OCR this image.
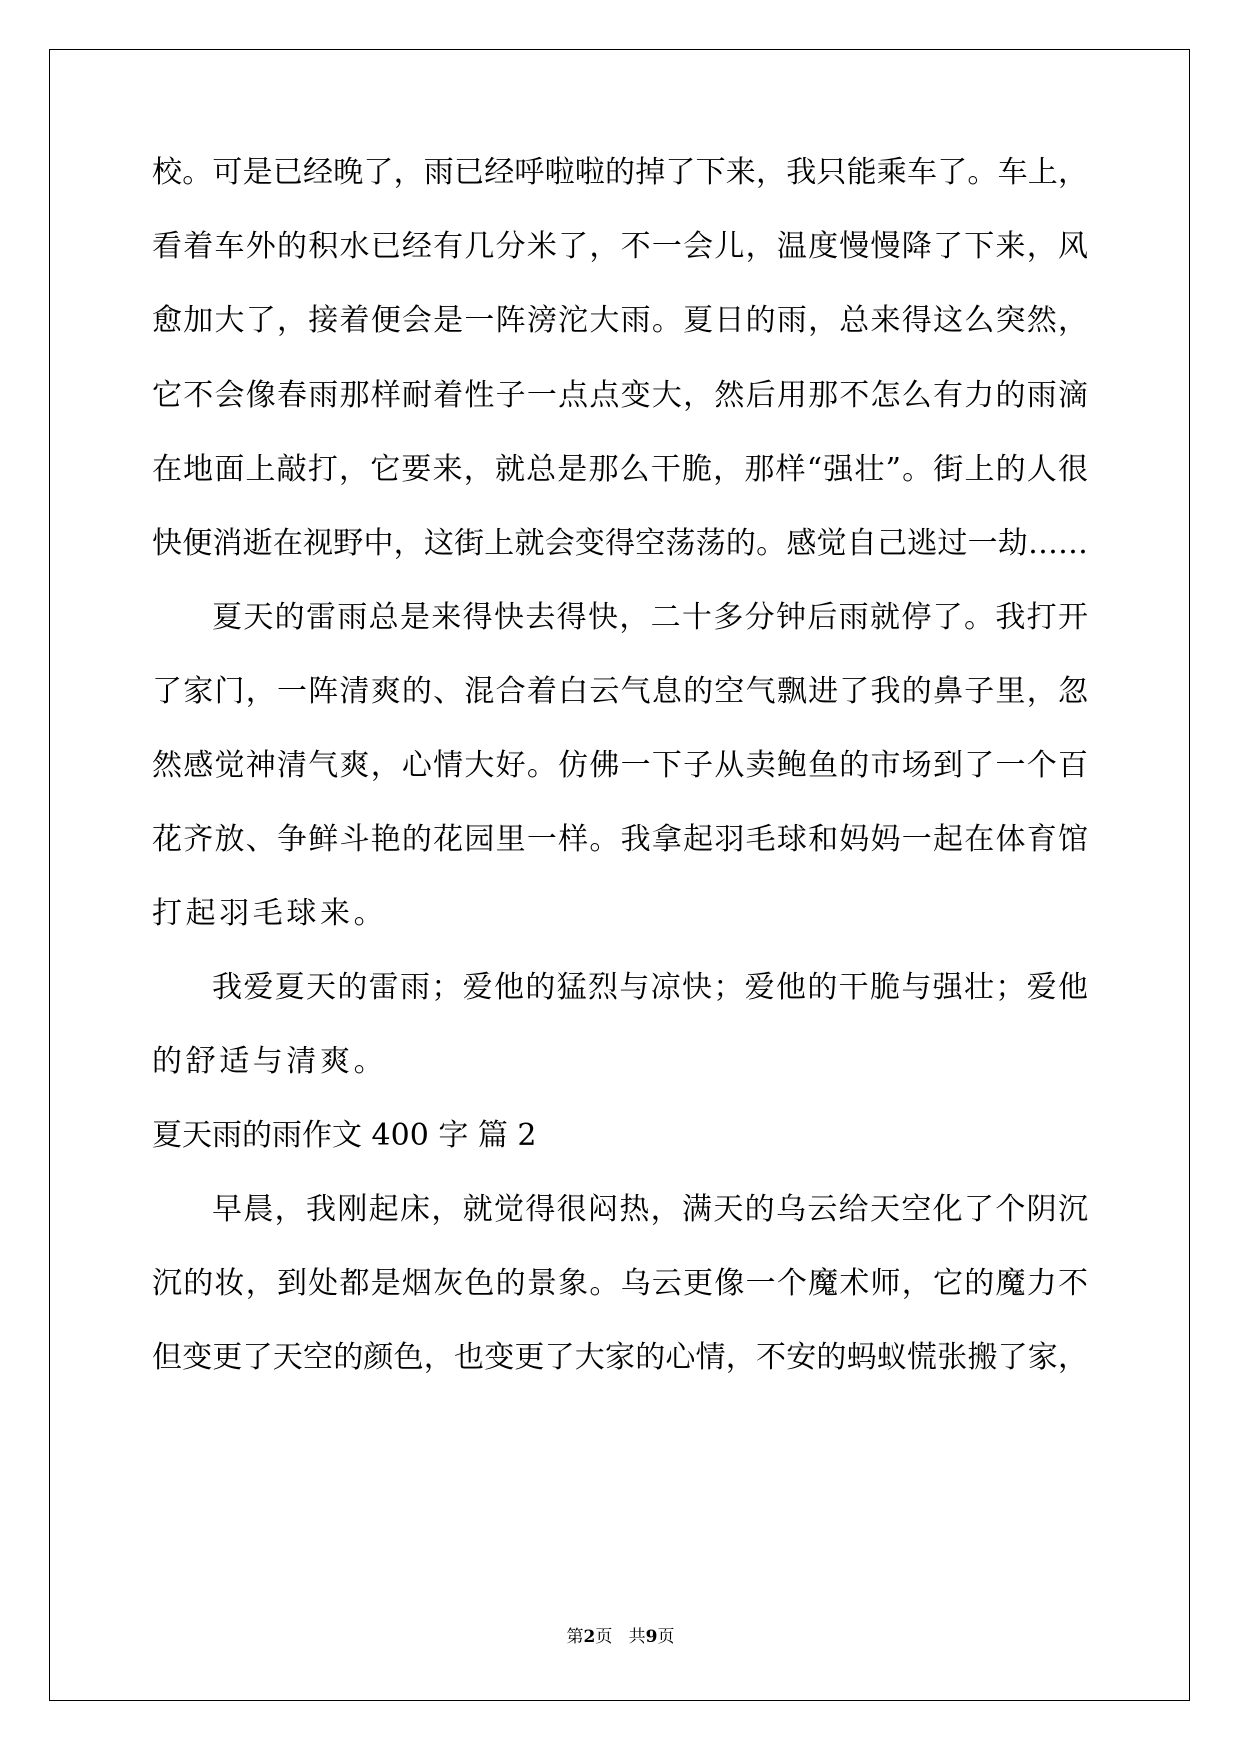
校。可是已经晚了，雨已经呼啦啦的掉了下来，我只能乘车了。车上，
看着车外的积水已经有几分米了，不一会儿，温度慢慢降了下来，风
愈加大了，接着便会是一阵滂沱大雨。夏日的雨，总来得这么突然，
它不会像春雨那样耐着性子一点点变大，然后用那不怎么有力的雨滴
在地面上敲打，它要来，就总是那么干脆，那样“强壮”。街上的人很
快便消逝在视野中，这街上就会变得空荡荡的。感觉自己逃过一劫……
夏天的雷雨总是来得快去得快，二十多分钟后雨就停了。我打开
了家门，一阵清爽的、混合着白云气息的空气飘进了我的鼻子里，忽
然感觉神清气爽，心情大好。仿佛一下子从卖鲍鱼的市场到了一个百
花齐放、争鲜斗艳的花园里一样。我拿起羽毛球和妈妈一起在体育馆
打起羽毛球来。
我爱夏天的雷雨；爱他的猛烈与凉快；爱他的干脆与强壮；爱他
的舒适与清爽。
夏天雨的雨作文 400 字 篇 2
早晨，我刚起床，就觉得很闷热，满天的乌云给天空化了个阴沉
沉的妆，到处都是烟灰色的景象。乌云更像一个魔术师，它的魔力不
但变更了天空的颜色，也变更了大家的心情，不安的蚂蚁慌张搬了家，
第2页   共9页
